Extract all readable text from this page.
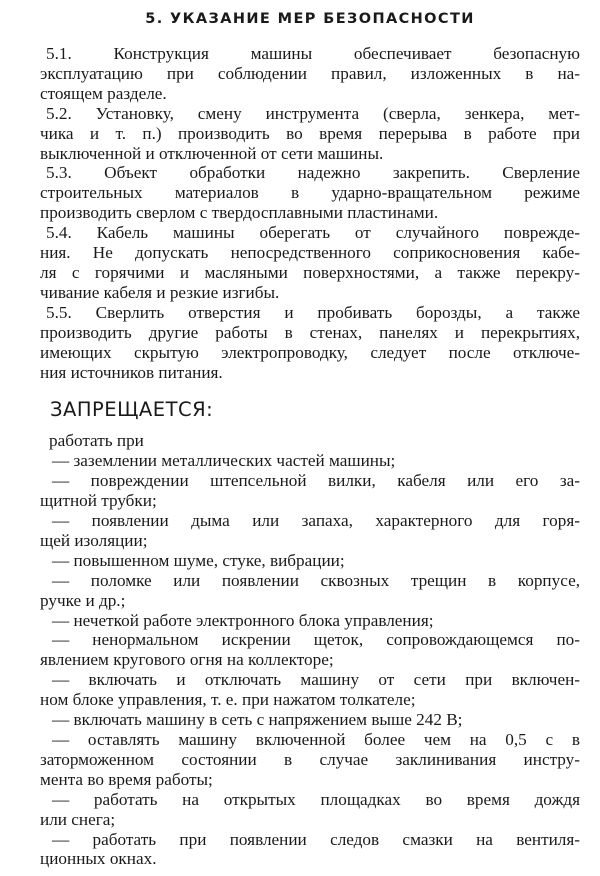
5. УКАЗАНИЕ МЕР БЕЗОПАСНОСТИ
5.1. Конструкция машины обеспечивает безопасную
эксплуатацию при соблюдении правил, изложенных в на-
стоящем разделе.
5.2. Установку, смену инструмента (сверла, зенкера, мет-
чика и т. п.) производить во время перерыва в работе при
выключенной и отключенной от сети машины.
5.3. Объект обработки надежно закрепить. Сверление
строительных материалов в ударно-вращательном режиме
производить сверлом с твердосплавными пластинами.
5.4. Кабель машины оберегать от случайного поврежде-
ния. Не допускать непосредственного соприкосновения кабе-
ля с горячими и масляными поверхностями, а также перекру-
чивание кабеля и резкие изгибы.
5.5. Сверлить отверстия и пробивать борозды, а также
производить другие работы в стенах, панелях и перекрытиях,
имеющих скрытую электропроводку, следует после отключе-
ния источников питания.
ЗАПРЕЩАЕТСЯ:
работать при
— заземлении металлических частей машины;
— повреждении штепсельной вилки, кабеля или его за-
щитной трубки;
— появлении дыма или запаха, характерного для горя-
щей изоляции;
— повышенном шуме, стуке, вибрации;
— поломке или появлении сквозных трещин в корпусе,
ручке и др.;
— нечеткой работе электронного блока управления;
— ненормальном искрении щеток, сопровождающемся по-
явлением кругового огня на коллекторе;
— включать и отключать машину от сети при включен-
ном блоке управления, т. е. при нажатом толкателе;
— включать машину в сеть с напряжением выше 242 В;
— оставлять машину включенной более чем на 0,5 с в
заторможенном состоянии в случае заклинивания инстру-
мента во время работы;
— работать на открытых площадках во время дождя
или снега;
— работать при появлении следов смазки на вентиля-
ционных окнах.
